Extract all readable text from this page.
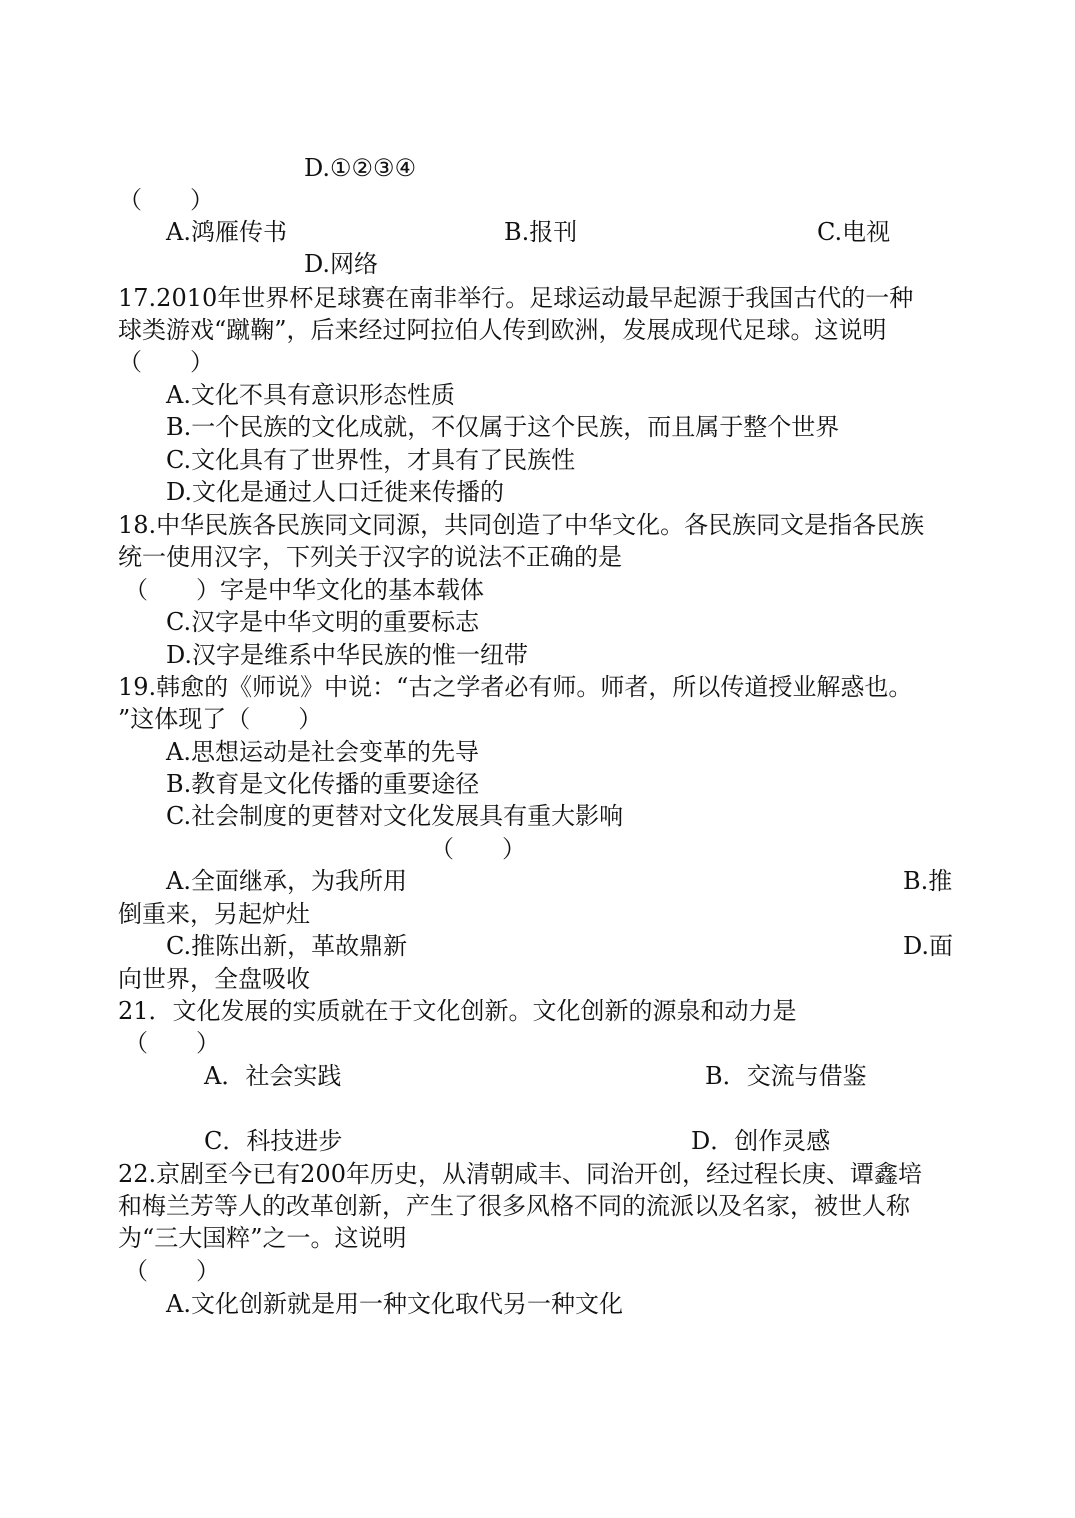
D.①②③④
（　　）
A.鸿雁传书	B.报刊	C.电视
D.网络
17.2010年世界杯足球赛在南非举行。足球运动最早起源于我国古代的一种
球类游戏“蹴鞠”，后来经过阿拉伯人传到欧洲，发展成现代足球。这说明
（　　）
A.文化不具有意识形态性质
B.一个民族的文化成就，不仅属于这个民族，而且属于整个世界
C.文化具有了世界性，才具有了民族性
D.文化是通过人口迁徙来传播的
18.中华民族各民族同文同源，共同创造了中华文化。各民族同文是指各民族
统一使用汉字，下列关于汉字的说法不正确的是
（　　）字是中华文化的基本载体
C.汉字是中华文明的重要标志
D.汉字是维系中华民族的惟一纽带
19.韩愈的《师说》中说：“古之学者必有师。师者，所以传道授业解惑也。
”这体现了（　　）
A.思想运动是社会变革的先导
B.教育是文化传播的重要途径
C.社会制度的更替对文化发展具有重大影响
（　　）
A.全面继承，为我所用	B.推
倒重来，另起炉灶
C.推陈出新，革故鼎新	D.面
向世界，全盘吸收
21．文化发展的实质就在于文化创新。文化创新的源泉和动力是
（　　）
A．社会实践	B．交流与借鉴
C．科技进步	D．创作灵感
22.京剧至今已有200年历史，从清朝咸丰、同治开创，经过程长庚、谭鑫培
和梅兰芳等人的改革创新，产生了很多风格不同的流派以及名家，被世人称
为“三大国粹”之一。这说明
（　　）
A.文化创新就是用一种文化取代另一种文化
